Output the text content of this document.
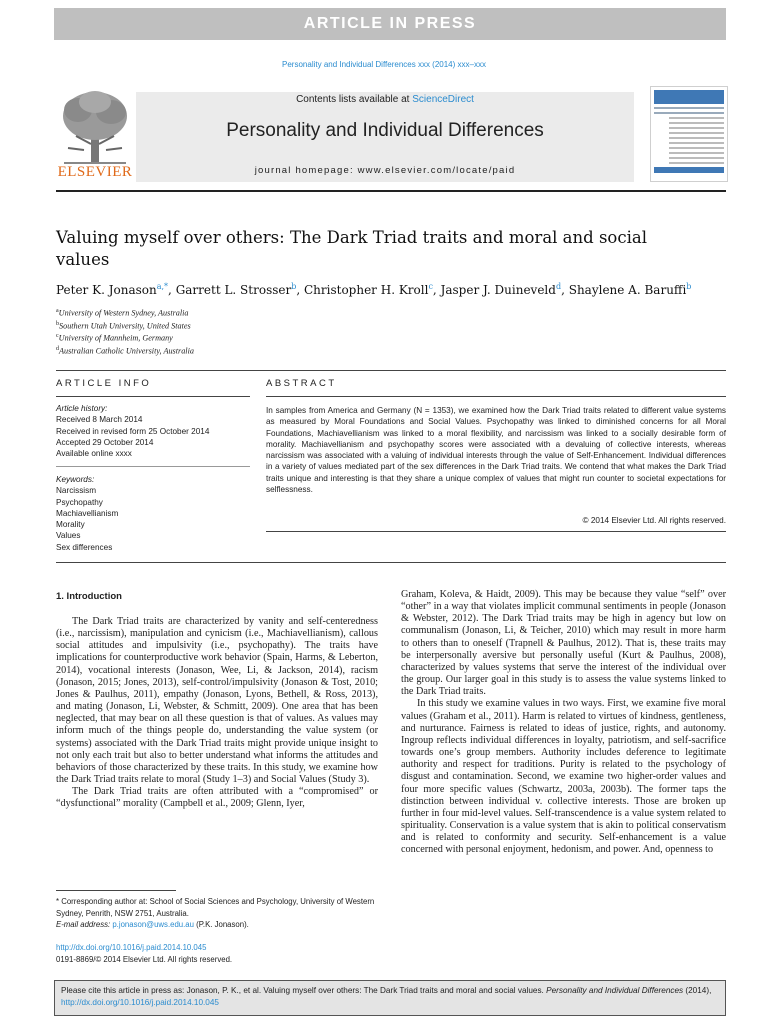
ARTICLE IN PRESS
Personality and Individual Differences xxx (2014) xxx–xxx
ELSEVIER
Contents lists available at ScienceDirect
Personality and Individual Differences
journal homepage: www.elsevier.com/locate/paid
Valuing myself over others: The Dark Triad traits and moral and social values
Peter K. Jonason$^{a,*}$, Garrett L. Strosser$^b$, Christopher H. Kroll$^c$, Jasper J. Duineveld$^d$, Shaylene A. Baruffi$^b$
$^a$University of Western Sydney, Australia
$^b$Southern Utah University, United States
$^c$University of Mannheim, Germany
$^d$Australian Catholic University, Australia
ARTICLE INFO	ABSTRACT
Article history:
Received 8 March 2014
Received in revised form 25 October 2014
Accepted 29 October 2014
Available online xxxx
Keywords:
Narcissism
Psychopathy
Machiavellianism
Morality
Values
Sex differences
In samples from America and Germany (N = 1353), we examined how the Dark Triad traits related to different value systems as measured by Moral Foundations and Social Values. Psychopathy was linked to diminished concerns for all Moral Foundations, Machiavellianism was linked to a moral flexibility, and narcissism was linked to a socially desirable form of morality. Machiavellianism and psychopathy scores were associated with a devaluing of collective interests, whereas narcissism was associated with a valuing of individual interests through the value of Self-Enhancement. Individual differences in a variety of values mediated part of the sex differences in the Dark Triad traits. We contend that what makes the Dark Triad traits unique and interesting is that they share a unique complex of values that might run counter to societal expectations for selflessness.
© 2014 Elsevier Ltd. All rights reserved.
1. Introduction

The Dark Triad traits are characterized by vanity and self-centeredness (i.e., narcissism), manipulation and cynicism (i.e., Machiavellianism), callous social attitudes and impulsivity (i.e., psychopathy). The traits have implications for counterproductive work behavior (Spain, Harms, & Leberton, 2014), vocational interests (Jonason, Wee, Li, & Jackson, 2014), racism (Jonason, 2015; Jones, 2013), self-control/impulsivity (Jonason & Tost, 2010; Jones & Paulhus, 2011), empathy (Jonason, Lyons, Bethell, & Ross, 2013), and mating (Jonason, Li, Webster, & Schmitt, 2009). One area that has been neglected, that may bear on all these question is that of values. As values may inform much of the things people do, understanding the value system (or systems) associated with the Dark Triad traits might provide unique insight to not only each trait but also to better understand what informs the attitudes and behaviors of those characterized by these traits. In this study, we examine how the Dark Triad traits relate to moral (Study 1–3) and Social Values (Study 3).

The Dark Triad traits are often attributed with a “compromised” or “dysfunctional” morality (Campbell et al., 2009; Glenn, Iyer,

Graham, Koleva, & Haidt, 2009). This may be because they value “self” over “other” in a way that violates implicit communal sentiments in people (Jonason & Webster, 2012). The Dark Triad traits may be high in agency but low on communalism (Jonason, Li, & Teicher, 2010) which may result in more harm to others than to oneself (Trapnell & Paulhus, 2012). That is, these traits may be interpersonally aversive but personally useful (Kurt & Paulhus, 2008), characterized by values systems that serve the interest of the individual over the group. Our larger goal in this study is to assess the value systems linked to the Dark Triad traits.

In this study we examine values in two ways. First, we examine five moral values (Graham et al., 2011). Harm is related to virtues of kindness, gentleness, and nurturance. Fairness is related to ideas of justice, rights, and autonomy. Ingroup reflects individual differences in loyalty, patriotism, and self-sacrifice towards one’s group members. Authority includes deference to legitimate authority and respect for traditions. Purity is related to the psychology of disgust and contamination. Second, we examine two higher-order values and four more specific values (Schwartz, 2003a, 2003b). The former taps the distinction between individual v. collective interests. Those are broken up further in four mid-level values. Self-transcendence is a value system related to spirituality. Conservation is a value system that is akin to political conservatism and is related to conformity and security. Self-enhancement is a value concerned with personal enjoyment, hedonism, and power. And, openness to

* Corresponding author at: School of Social Sciences and Psychology, University of Western Sydney, Penrith, NSW 2751, Australia.
E-mail address: p.jonason@uws.edu.au (P.K. Jonason).
http://dx.doi.org/10.1016/j.paid.2014.10.045
0191-8869/© 2014 Elsevier Ltd. All rights reserved.
Please cite this article in press as: Jonason, P. K., et al. Valuing myself over others: The Dark Triad traits and moral and social values. Personality and Individual Differences (2014), http://dx.doi.org/10.1016/j.paid.2014.10.045
